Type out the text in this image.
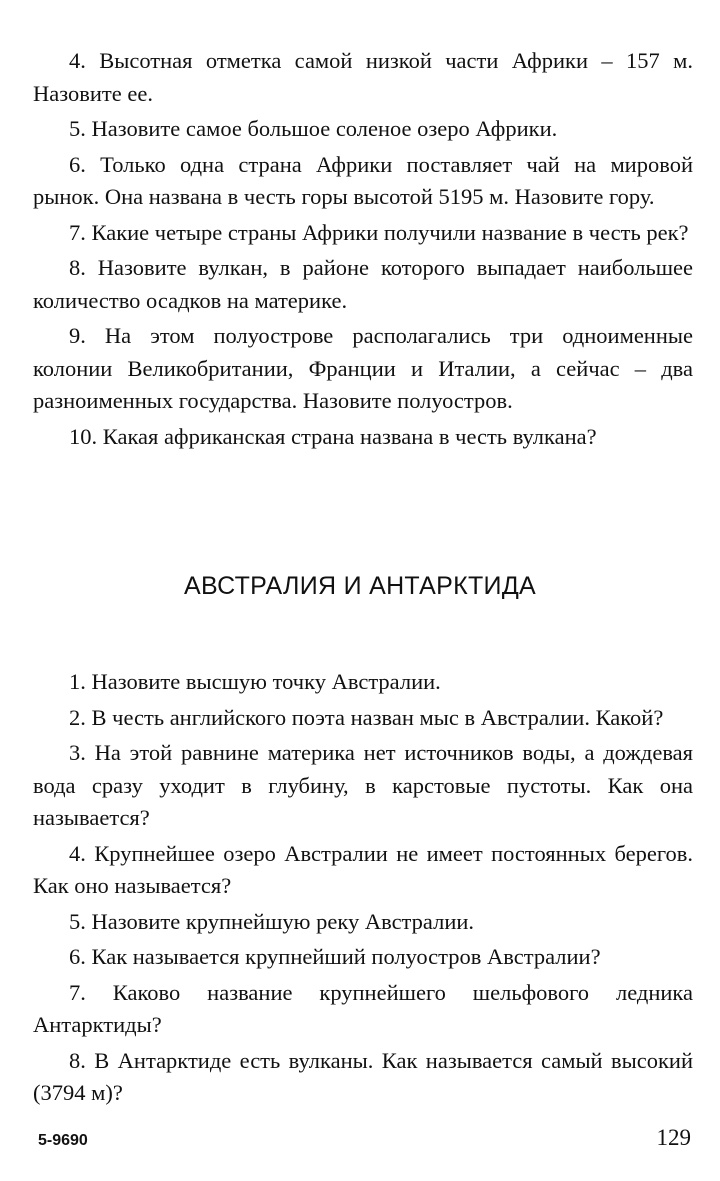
4. Высотная отметка самой низкой части Африки – 157 м. Назовите ее.

5. Назовите самое большое соленое озеро Африки.

6. Только одна страна Африки поставляет чай на мировой рынок. Она названа в честь горы высотой 5195 м. Назовите гору.

7. Какие четыре страны Африки получили название в честь рек?

8. Назовите вулкан, в районе которого выпадает наибольшее количество осадков на материке.

9. На этом полуострове располагались три одноименные колонии Великобритании, Франции и Италии, а сейчас – два разноименных государства. Назовите полуостров.

10. Какая африканская страна названа в честь вулкана?

АВСТРАЛИЯ И АНТАРКТИДА

1. Назовите высшую точку Австралии.

2. В честь английского поэта назван мыс в Австралии. Какой?

3. На этой равнине материка нет источников воды, а дождевая вода сразу уходит в глубину, в карстовые пустоты. Как она называется?

4. Крупнейшее озеро Австралии не имеет постоянных берегов. Как оно называется?

5. Назовите крупнейшую реку Австралии.

6. Как называется крупнейший полуостров Австралии?

7. Каково название крупнейшего шельфового ледника Антарктиды?

8. В Антарктиде есть вулканы. Как называется самый высокий (3794 м)?

5-9690	129
